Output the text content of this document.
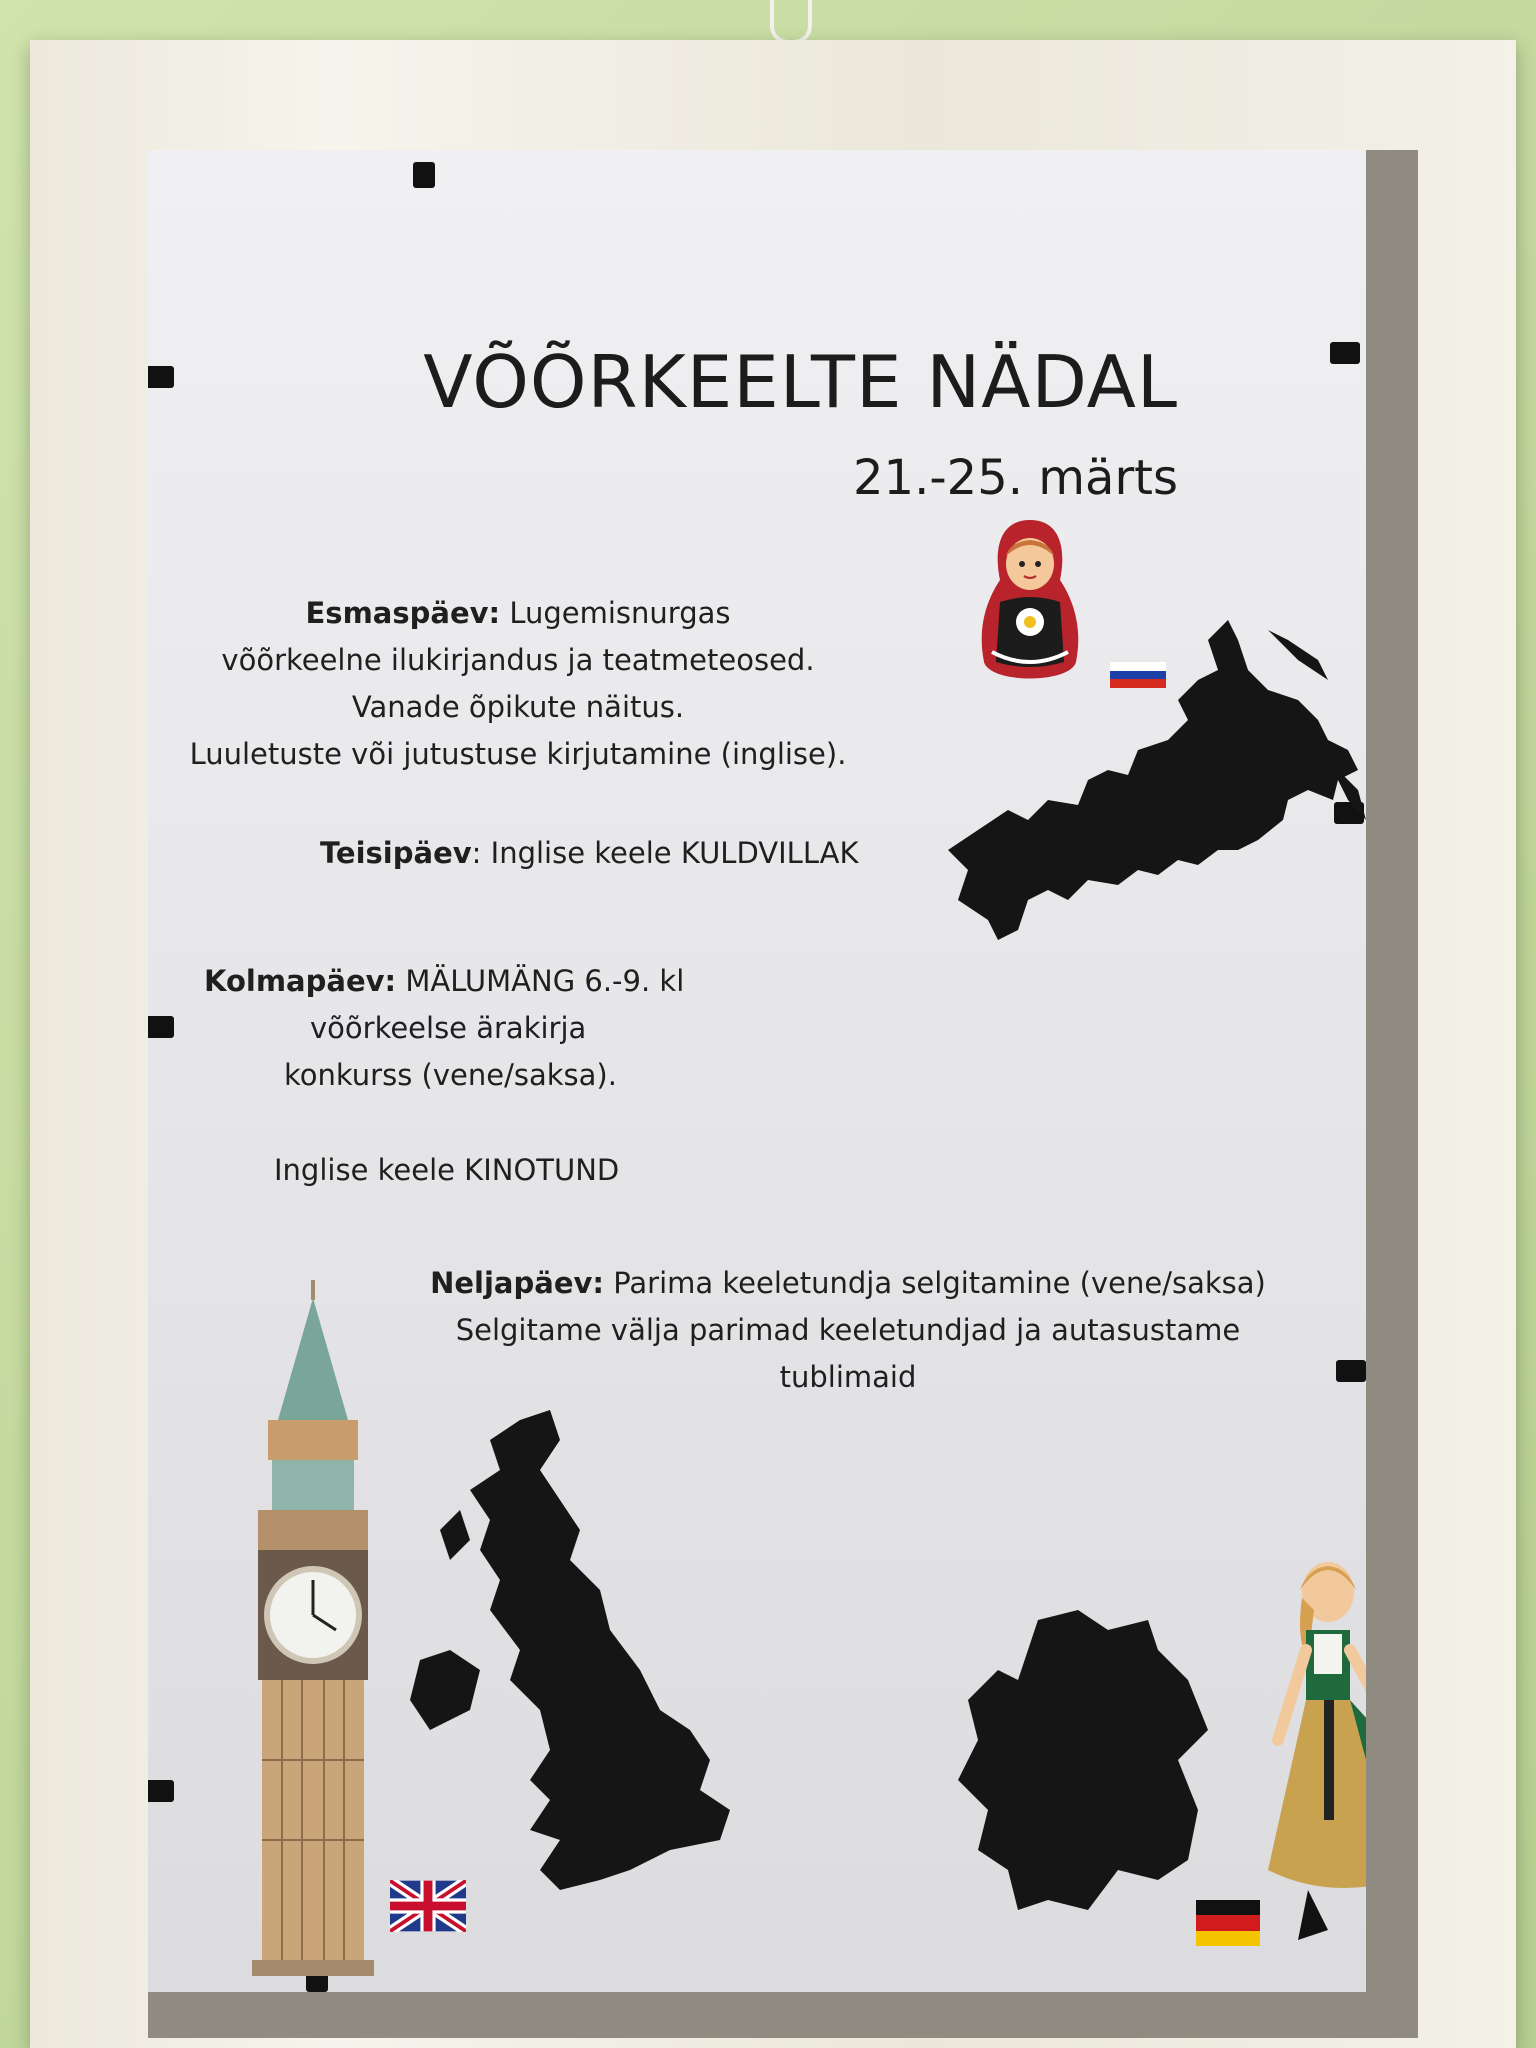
VÕÕRKEELTE NÄDAL
21.-25. märts
Esmaspäev: Lugemisnurgas
võõrkeelne ilukirjandus ja teatmeteosed.
Vanade õpikute näitus.
Luuletuste või jutustuse kirjutamine (inglise).
Teisipäev: Inglise keele KULDVILLAK
Kolmapäev: MÄLUMÄNG 6.-9. kl
võõrkeelse ärakirja
konkurss (vene/saksa).
Inglise keele KINOTUND
Neljapäev: Parima keeletundja selgitamine (vene/saksa)
Selgitame välja parimad keeletundjad ja autasustame tublimaid
